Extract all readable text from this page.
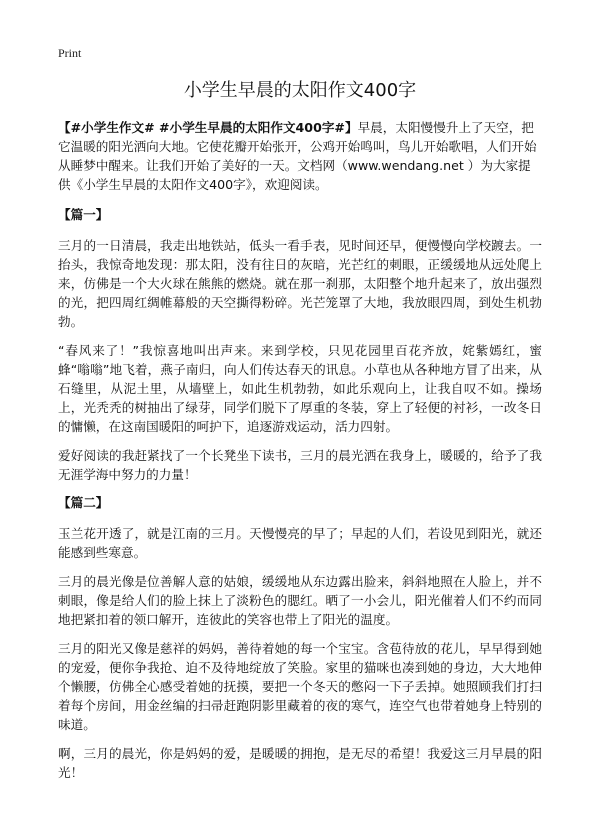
Print
小学生早晨的太阳作文400字

【#小学生作文# #小学生早晨的太阳作文400字#】早晨，太阳慢慢升上了天空，把它温暖的阳光洒向大地。它使花瓣开始张开，公鸡开始鸣叫，鸟儿开始歌唱，人们开始从睡梦中醒来。让我们开始了美好的一天。文档网（www.wendang.net ）为大家提供《小学生早晨的太阳作文400字》，欢迎阅读。

【篇一】

三月的一日清晨，我走出地铁站，低头一看手表，见时间还早，便慢慢向学校踱去。一抬头，我惊奇地发现：那太阳，没有往日的灰暗，光芒红的刺眼，正缓缓地从远处爬上来，仿佛是一个大火球在熊熊的燃烧。就在那一刹那，太阳整个地升起来了，放出强烈的光，把四周红绸帷幕般的天空撕得粉碎。光芒笼罩了大地，我放眼四周，到处生机勃勃。

“春风来了！”我惊喜地叫出声来。来到学校，只见花园里百花齐放，姹紫嫣红，蜜蜂“嗡嗡”地飞着，燕子南归，向人们传达春天的讯息。小草也从各种地方冒了出来，从石缝里，从泥土里，从墙壁上，如此生机勃勃，如此乐观向上，让我自叹不如。操场上，光秃秃的树抽出了绿芽，同学们脱下了厚重的冬装，穿上了轻便的衬衫，一改冬日的慵懒，在这南国暖阳的呵护下，追逐游戏运动，活力四射。

爱好阅读的我赶紧找了一个长凳坐下读书，三月的晨光洒在我身上，暖暖的，给予了我无涯学海中努力的力量！

【篇二】

玉兰花开透了，就是江南的三月。天慢慢亮的早了；早起的人们，若设见到阳光，就还能感到些寒意。

三月的晨光像是位善解人意的姑娘，缓缓地从东边露出脸来，斜斜地照在人脸上，并不刺眼，像是给人们的脸上抹上了淡粉色的腮红。晒了一小会儿，阳光催着人们不约而同地把紧扣着的领口解开，连彼此的笑容也带上了阳光的温度。

三月的阳光又像是慈祥的妈妈，善待着她的每一个宝宝。含苞待放的花儿，早早得到她的宠爱，便你争我抢、迫不及待地绽放了笑脸。家里的猫咪也凑到她的身边，大大地伸个懒腰，仿佛全心感受着她的抚摸，要把一个冬天的憋闷一下子丢掉。她照顾我们打扫着每个房间，用金丝编的扫帚赶跑阴影里藏着的夜的寒气，连空气也带着她身上特别的味道。

啊，三月的晨光，你是妈妈的爱，是暖暖的拥抱，是无尽的希望！我爱这三月早晨的阳光！
